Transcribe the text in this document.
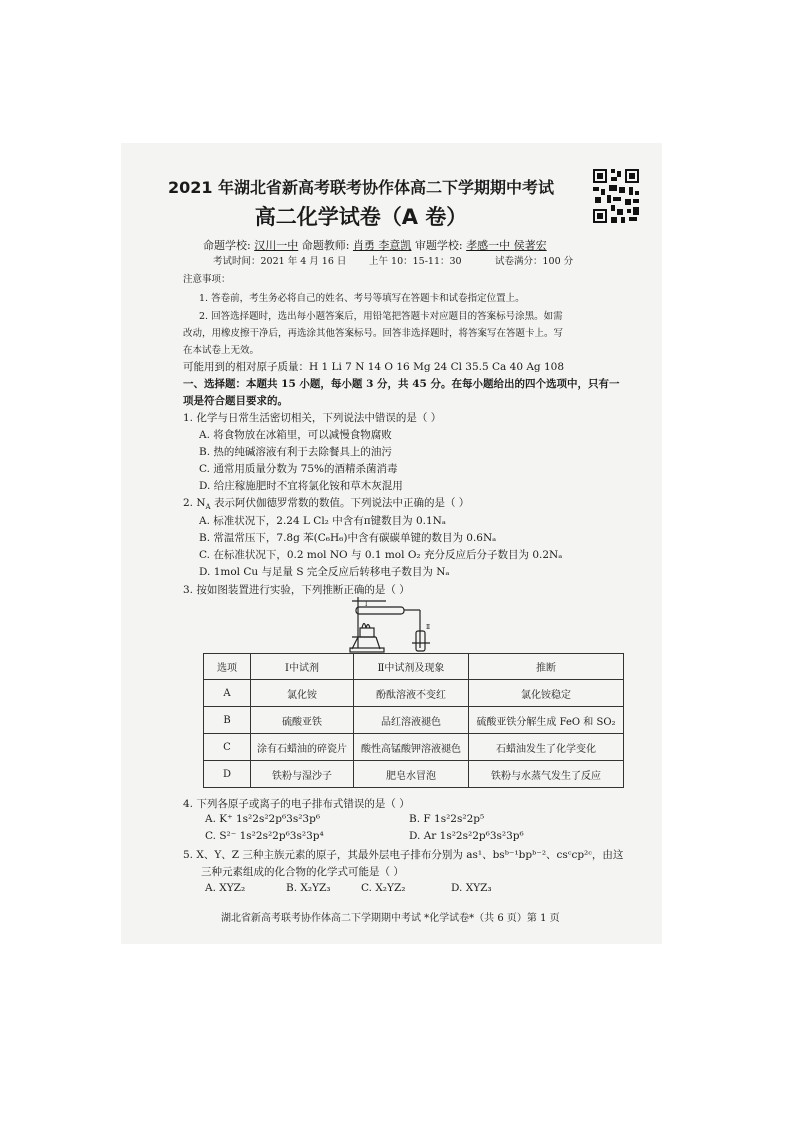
2021 年湖北省新高考联考协作体高二下学期期中考试
高二化学试卷（A 卷）
命题学校: 汉川一中 命题教师: 肖勇 李意凯 审题学校: 孝感一中 侯著宏
考试时间：2021 年 4 月 16 日 上午 10：15-11：30	试卷满分：100 分
注意事项：
1. 答卷前，考生务必将自己的姓名、考号等填写在答题卡和试卷指定位置上。
2. 回答选择题时，选出每小题答案后，用铅笔把答题卡对应题目的答案标号涂黑。如需
改动，用橡皮擦干净后，再选涂其他答案标号。回答非选择题时，将答案写在答题卡上。写
在本试卷上无效。
可能用到的相对原子质量：H 1 Li 7 N 14 O 16 Mg 24 Cl 35.5 Ca 40 Ag 108
一、选择题：本题共 15 小题，每小题 3 分，共 45 分。在每小题给出的四个选项中，只有一
项是符合题目要求的。
1. 化学与日常生活密切相关，下列说法中错误的是（ ）
A. 将食物放在冰箱里，可以减慢食物腐败
B. 热的纯碱溶液有利于去除餐具上的油污
C. 通常用质量分数为 75%的酒精杀菌消毒
D. 给庄稼施肥时不宜将氯化铵和草木灰混用
2. $N_A$ 表示阿伏伽德罗常数的数值。下列说法中正确的是（ ）
A. 标准状况下，2.24 L Cl₂ 中含有π键数目为 0.1Nₐ
B. 常温常压下，7.8g 苯(C₆H₆)中含有碳碳单键的数目为 0.6Nₐ
C. 在标准状况下，0.2 mol NO 与 0.1 mol O₂ 充分反应后分子数目为 0.2Nₐ
D. 1mol Cu 与足量 S 完全反应后转移电子数目为 Nₐ
3. 按如图装置进行实验，下列推断正确的是（ ）
Ⅰ
Ⅱ
选项	Ⅰ中试剂	Ⅱ中试剂及现象	推断
A	氯化铵	酚酞溶液不变红	氯化铵稳定
B	硫酸亚铁	品红溶液褪色	硫酸亚铁分解生成 FeO 和 SO₂
C	涂有石蜡油的碎瓷片	酸性高锰酸钾溶液褪色	石蜡油发生了化学变化
D	铁粉与湿沙子	肥皂水冒泡	铁粉与水蒸气发生了反应
4. 下列各原子或离子的电子排布式错误的是（ ）
A. K⁺ 1s²2s²2p⁶3s²3p⁶	B. F 1s²2s²2p⁵
C. S²⁻ 1s²2s²2p⁶3s²3p⁴	D. Ar 1s²2s²2p⁶3s²3p⁶
5. X、Y、Z 三种主族元素的原子，其最外层电子排布分别为 as¹、bsᵇ⁻¹bpᵇ⁻²、csᶜcp²ᶜ，由这
三种元素组成的化合物的化学式可能是（ ）
A. XYZ₂	B. X₂YZ₃	C. X₂YZ₂	D. XYZ₃
湖北省新高考联考协作体高二下学期期中考试 *化学试卷*（共 6 页）第 1 页
